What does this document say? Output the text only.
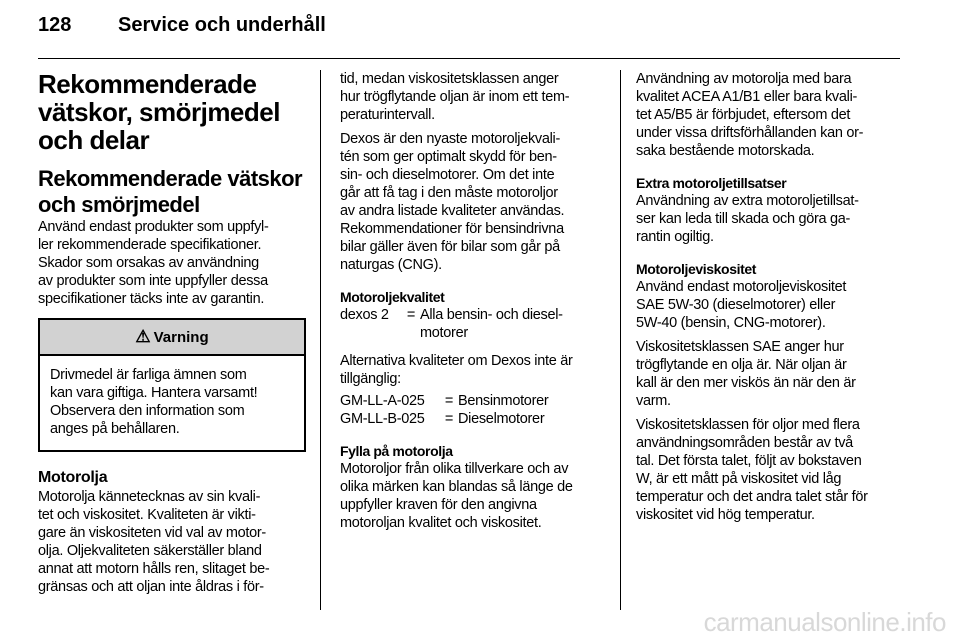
128 Service och underhåll
Rekommenderade
vätskor, smörjmedel
och delar
Rekommenderade vätskor
och smörjmedel

Använd endast produkter som uppfyl-
ler rekommenderade specifikationer.
Skador som orsakas av användning
av produkter som inte uppfyller dessa
specifikationer täcks inte av garantin.

⚠ Varning

Drivmedel är farliga ämnen som
kan vara giftiga. Hantera varsamt!
Observera den information som
anges på behållaren.

Motorolja

Motorolja kännetecknas av sin kvali-
tet och viskositet. Kvaliteten är vikti-
gare än viskositeten vid val av motor-
olja. Oljekvaliteten säkerställer bland
annat att motorn hålls ren, slitaget be-
gränsas och att oljan inte åldras i för-

tid, medan viskositetsklassen anger
hur trögflytande oljan är inom ett tem-
peraturintervall.

Dexos är den nyaste motoroljekvali-
tén som ger optimalt skydd för ben-
sin- och dieselmotorer. Om det inte
går att få tag i den måste motoroljor
av andra listade kvaliteter användas.
Rekommendationer för bensindrivna
bilar gäller även för bilar som går på
naturgas (CNG).

Motoroljekvalitet
dexos 2	= Alla bensin- och diesel-
motorer

Alternativa kvaliteter om Dexos inte är
tillgänglig:

GM-LL-A-025	= Bensinmotorer
GM-LL-B-025	= Dieselmotorer
Fylla på motorolja

Motoroljor från olika tillverkare och av
olika märken kan blandas så länge de
uppfyller kraven för den angivna
motoroljan kvalitet och viskositet.

Användning av motorolja med bara
kvalitet ACEA A1/B1 eller bara kvali-
tet A5/B5 är förbjudet, eftersom det
under vissa driftsförhållanden kan or-
saka bestående motorskada.

Extra motoroljetillsatser

Användning av extra motoroljetillsat-
ser kan leda till skada och göra ga-
rantin ogiltig.

Motoroljeviskositet

Använd endast motoroljeviskositet
SAE 5W-30 (dieselmotorer) eller
5W-40 (bensin, CNG-motorer).

Viskositetsklassen SAE anger hur
trögflytande en olja är. När oljan är
kall är den mer viskös än när den är
varm.

Viskositetsklassen för oljor med flera
användningsområden består av två
tal. Det första talet, följt av bokstaven
W, är ett mått på viskositet vid låg
temperatur och det andra talet står för
viskositet vid hög temperatur.

carmanualsonline.info
